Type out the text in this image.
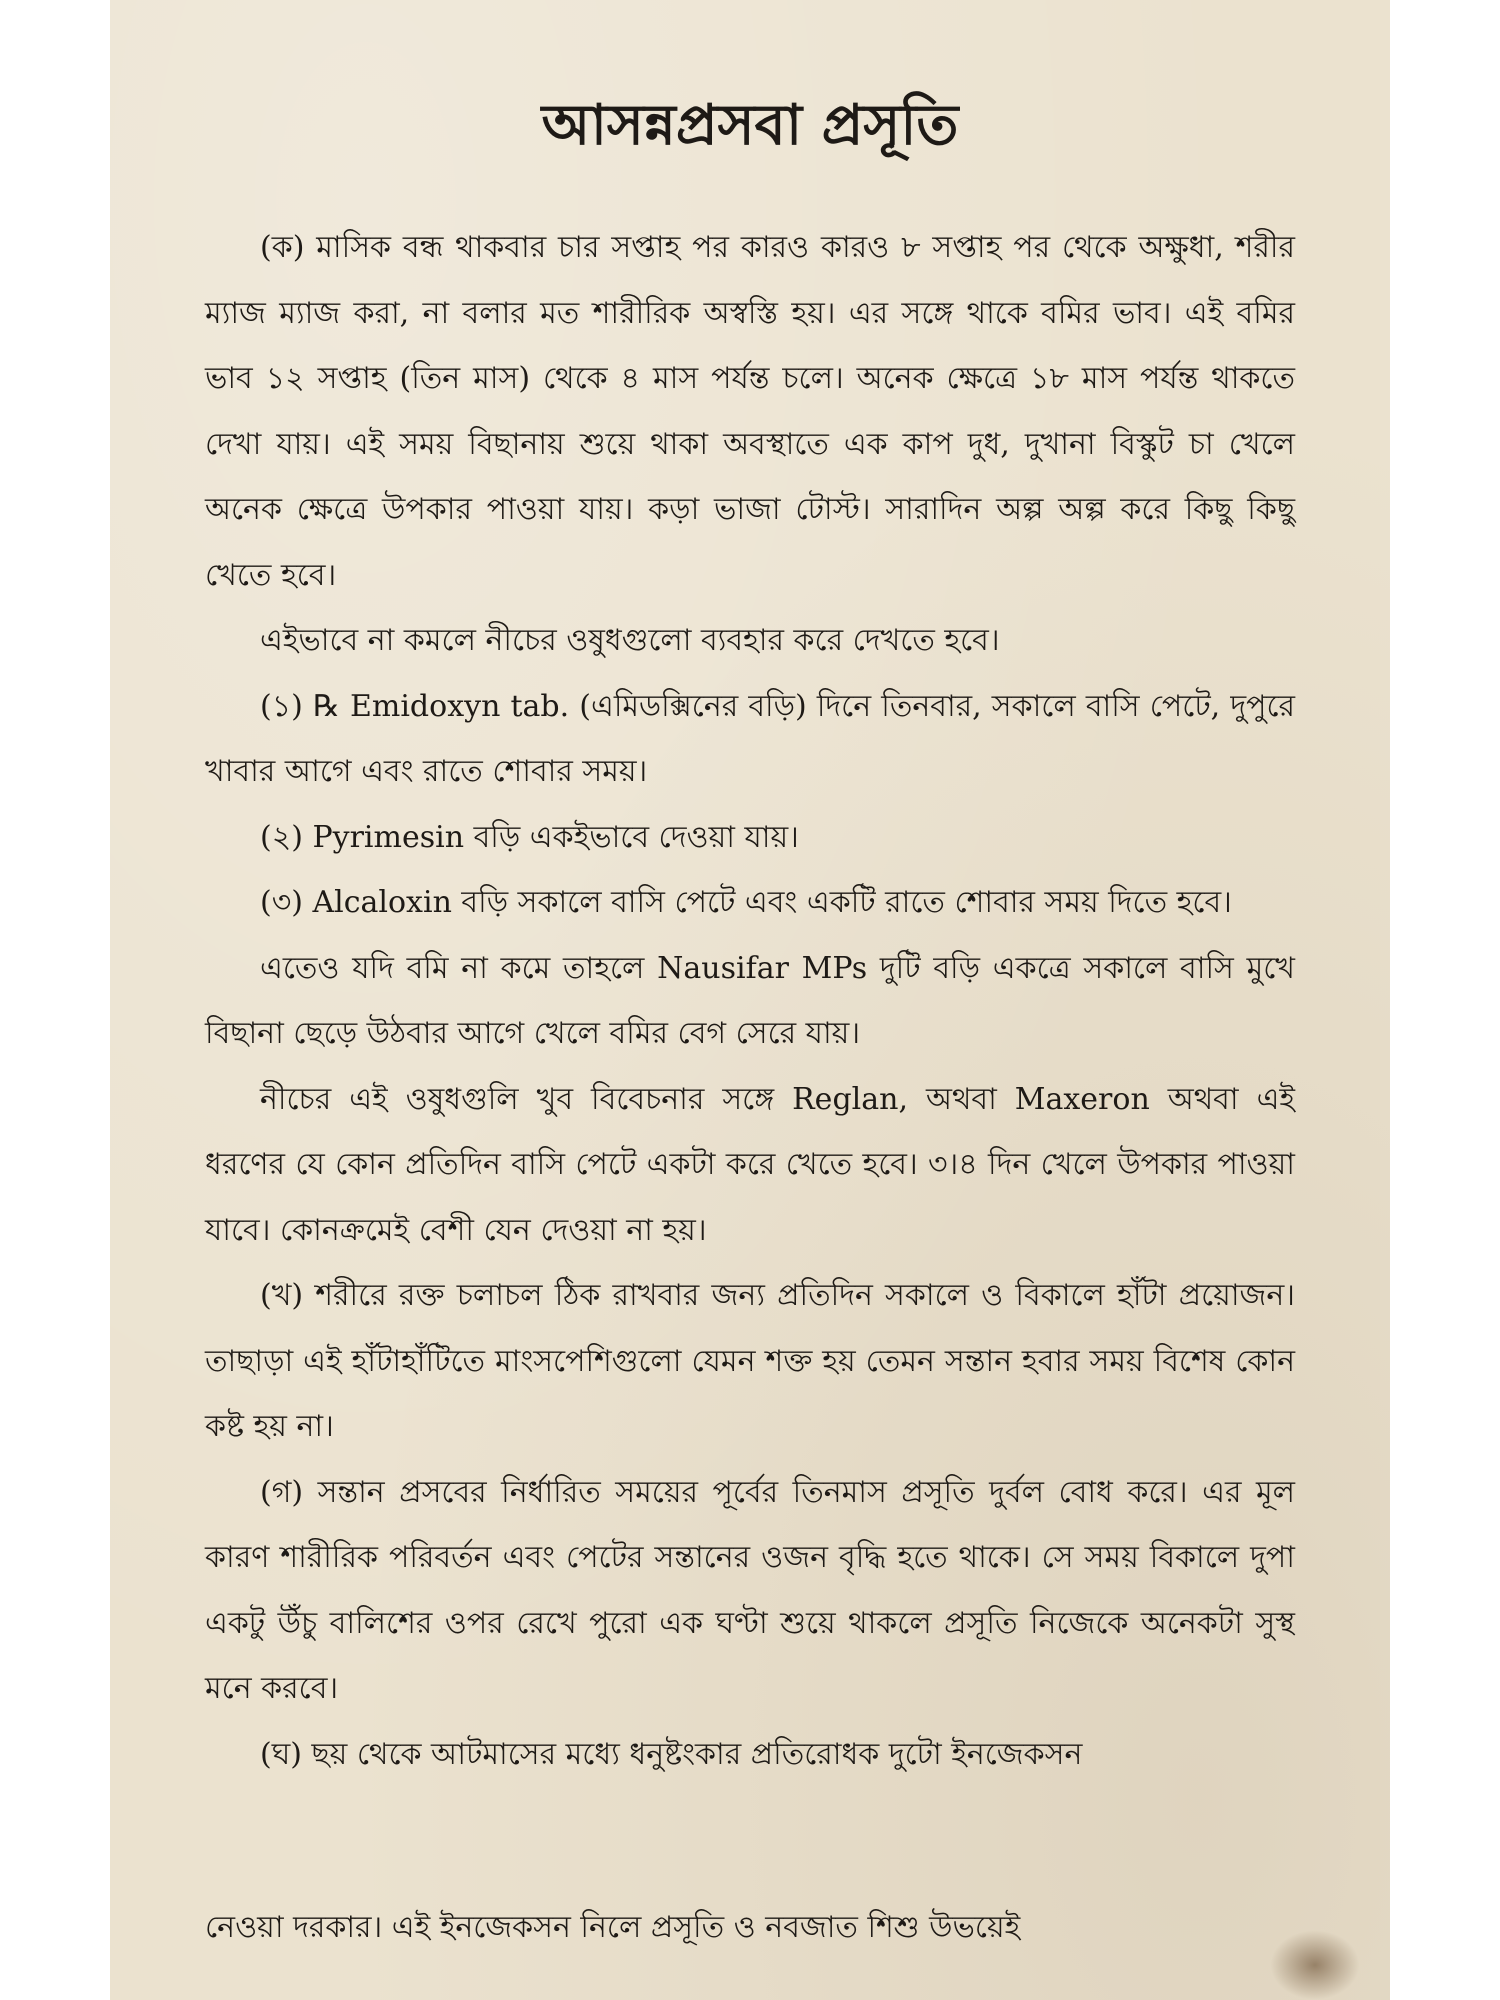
আসন্নপ্রসবা প্রসূতি

(ক) মাসিক বন্ধ থাকবার চার সপ্তাহ পর কারও কারও ৮ সপ্তাহ পর থেকে অক্ষুধা, শরীর ম্যাজ ম্যাজ করা, না বলার মত শারীরিক অস্বস্তি হয়। এর সঙ্গে থাকে বমির ভাব। এই বমির ভাব ১২ সপ্তাহ (তিন মাস) থেকে ৪ মাস পর্যন্ত চলে। অনেক ক্ষেত্রে ১৮ মাস পর্যন্ত থাকতে দেখা যায়। এই সময় বিছানায় শুয়ে থাকা অবস্থাতে এক কাপ দুধ, দুখানা বিস্কুট চা খেলে অনেক ক্ষেত্রে উপকার পাওয়া যায়। কড়া ভাজা টোস্ট। সারাদিন অল্প অল্প করে কিছু কিছু খেতে হবে।

এইভাবে না কমলে নীচের ওষুধগুলো ব্যবহার করে দেখতে হবে।

(১) ℞ Emidoxyn tab. (এমিডক্সিনের বড়ি) দিনে তিনবার, সকালে বাসি পেটে, দুপুরে খাবার আগে এবং রাতে শোবার সময়।

(২) Pyrimesin বড়ি একইভাবে দেওয়া যায়।

(৩) Alcaloxin বড়ি সকালে বাসি পেটে এবং একটি রাতে শোবার সময় দিতে হবে।

এতেও যদি বমি না কমে তাহলে Nausifar MPs দুটি বড়ি একত্রে সকালে বাসি মুখে বিছানা ছেড়ে উঠবার আগে খেলে বমির বেগ সেরে যায়।

নীচের এই ওষুধগুলি খুব বিবেচনার সঙ্গে Reglan, অথবা Maxeron অথবা এই ধরণের যে কোন প্রতিদিন বাসি পেটে একটা করে খেতে হবে। ৩।৪ দিন খেলে উপকার পাওয়া যাবে। কোনক্রমেই বেশী যেন দেওয়া না হয়।

(খ) শরীরে রক্ত চলাচল ঠিক রাখবার জন্য প্রতিদিন সকালে ও বিকালে হাঁটা প্রয়োজন। তাছাড়া এই হাঁটাহাঁটিতে মাংসপেশিগুলো যেমন শক্ত হয় তেমন সন্তান হবার সময় বিশেষ কোন কষ্ট হয় না।

(গ) সন্তান প্রসবের নির্ধারিত সময়ের পূর্বের তিনমাস প্রসূতি দুর্বল বোধ করে। এর মূল কারণ শারীরিক পরিবর্তন এবং পেটের সন্তানের ওজন বৃদ্ধি হতে থাকে। সে সময় বিকালে দুপা একটু উঁচু বালিশের ওপর রেখে পুরো এক ঘণ্টা শুয়ে থাকলে প্রসূতি নিজেকে অনেকটা সুস্থ মনে করবে।

(ঘ) ছয় থেকে আটমাসের মধ্যে ধনুষ্টংকার প্রতিরোধক দুটো ইনজেকসন

নেওয়া দরকার। এই ইনজেকসন নিলে প্রসূতি ও নবজাত শিশু উভয়েই
